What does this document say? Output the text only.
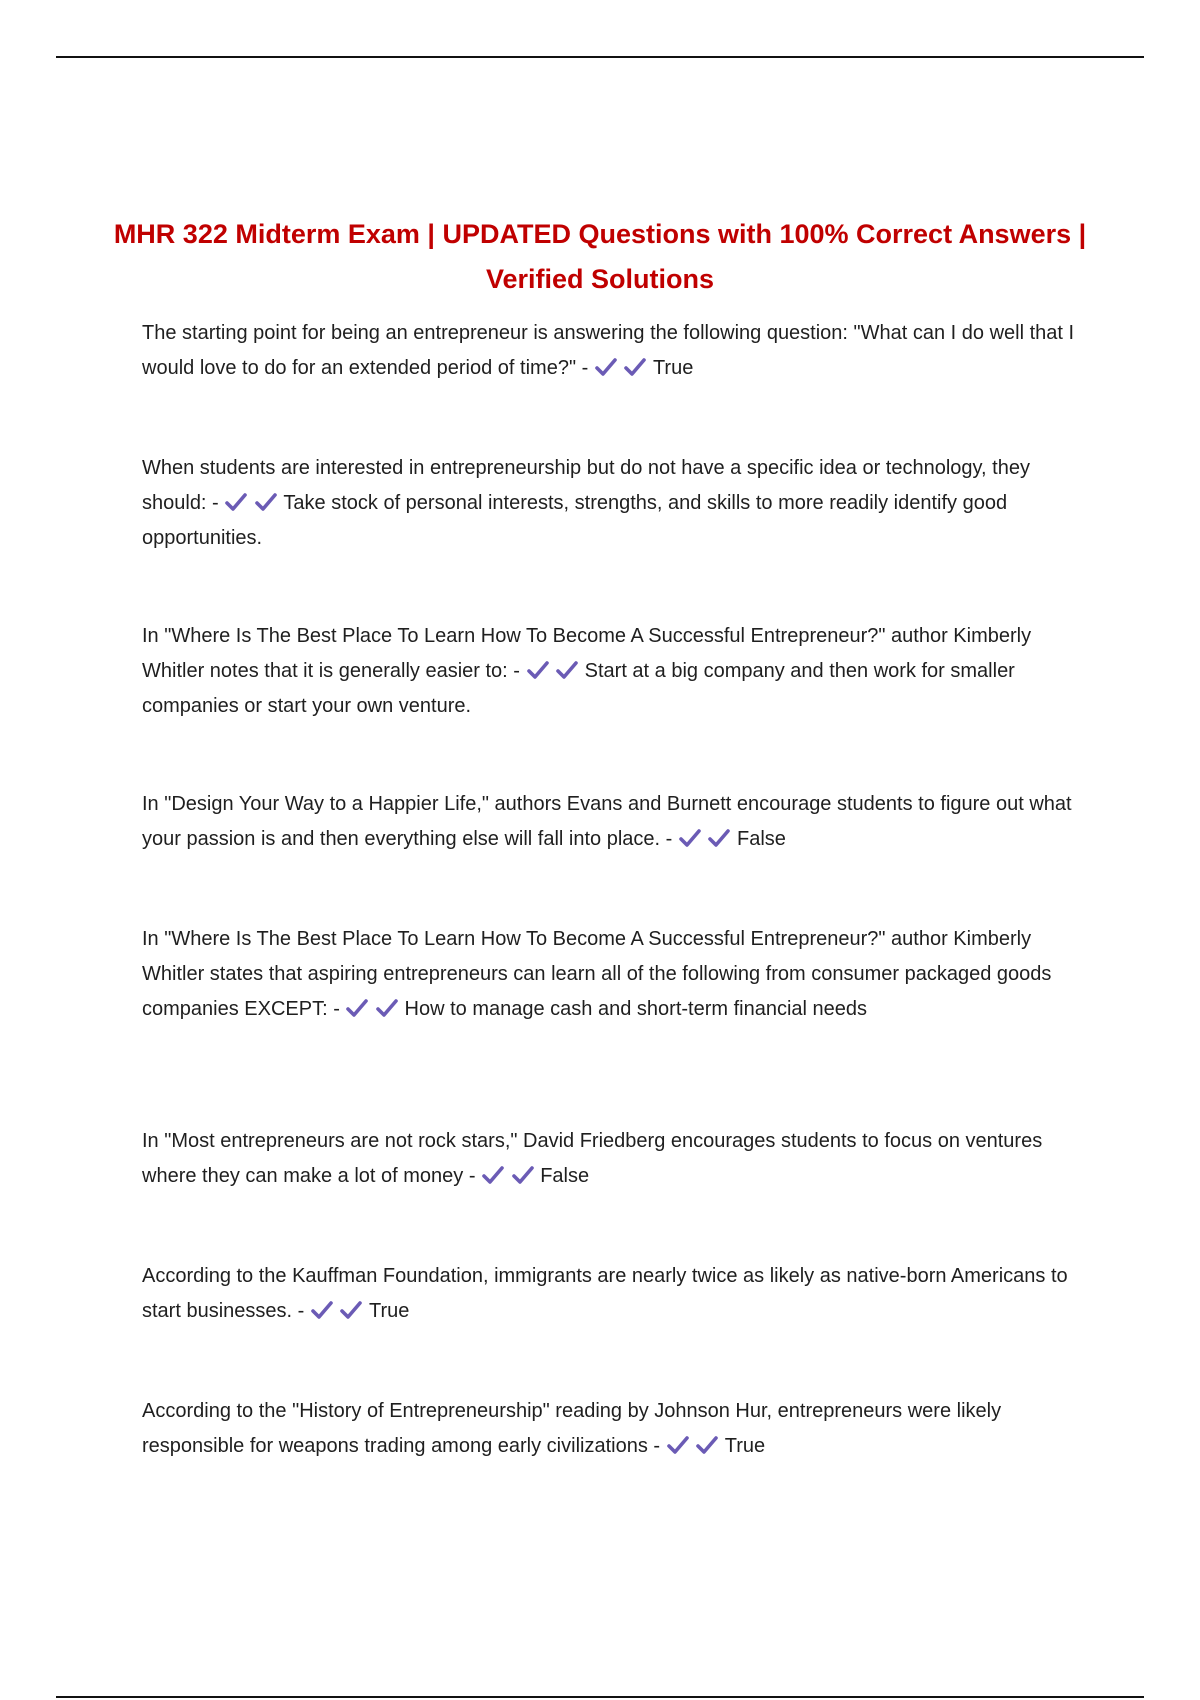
MHR 322 Midterm Exam | UPDATED Questions with 100% Correct Answers | Verified Solutions
The starting point for being an entrepreneur is answering the following question: "What can I do well that I would love to do for an extended period of time?" -
	True
When students are interested in entrepreneurship but do not have a specific idea or technology, they should: -
	Take stock of personal interests, strengths, and skills to more readily identify good opportunities.
In "Where Is The Best Place To Learn How To Become A Successful Entrepreneur?" author Kimberly Whitler notes that it is generally easier to: -
	Start at a big company and then work for smaller companies or start your own venture.
In "Design Your Way to a Happier Life," authors Evans and Burnett encourage students to figure out what your passion is and then everything else will fall into place. -
	False
In "Where Is The Best Place To Learn How To Become A Successful Entrepreneur?" author Kimberly Whitler states that aspiring entrepreneurs can learn all of the following from consumer packaged goods companies EXCEPT: -
	How to manage cash and short-term financial needs
In "Most entrepreneurs are not rock stars," David Friedberg encourages students to focus on ventures where they can make a lot of money -
	False
According to the Kauffman Foundation, immigrants are nearly twice as likely as native-born Americans to start businesses. -
	True
According to the "History of Entrepreneurship" reading by Johnson Hur, entrepreneurs were likely responsible for weapons trading among early civilizations -
	True
